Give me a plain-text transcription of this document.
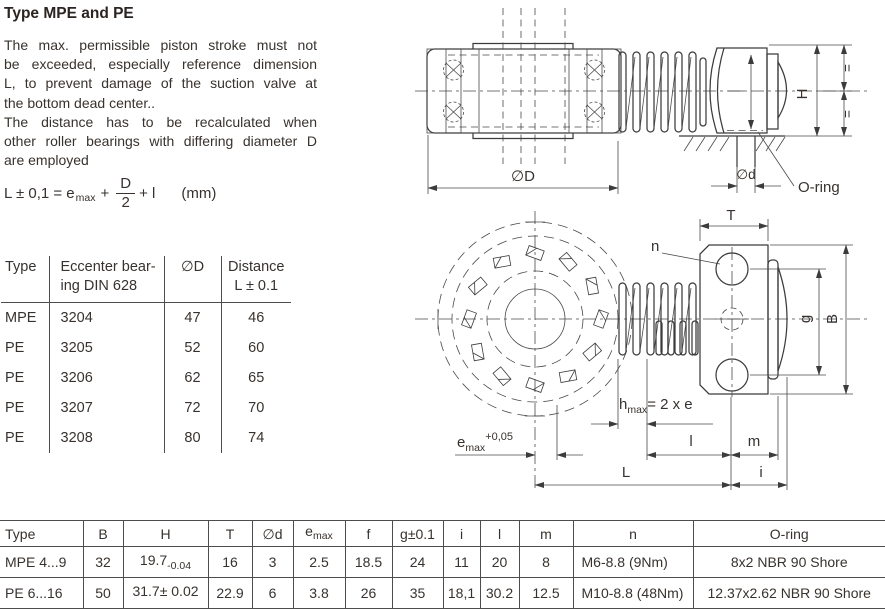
Type MPE and PE
The max. permissible piston stroke must not
be exceeded, especially reference dimension
L, to prevent damage of the suction valve at
the bottom dead center..
The distance has to be recalculated when
other roller bearings with differing diameter D
are employed
L ± 0,1 = e $\max + \frac{D}{2} + l$ (mm)
Type	Eccenter bear-
ing DIN 628
	∅D	Distance
L ± 0.1

MPE	3204	47	46
PE	3205	52	60
PE	3206	62	65
PE	3207	72	70
PE	3208	80	74
∅D	∅d
O-ring
H
=
=
T
n
g B
$h_{max}= 2$ x e
$e_{max}^{+0,05}$	l	m
L	i
Type	B	H	T	∅d	$e_{max}$	f	g±0.1	i	l	m	n	O-ring
MPE 4...9	32	$19.7_{-0.04}$	16	3	2.5	18.5	24	11	20	8	M6-8.8 (9Nm)	8x2 NBR 90 Shore
PE 6...16	50	31.7± 0.02	22.9	6	3.8	26	35	18,1	30.2	12.5	M10-8.8 (48Nm)	12.37x2.62 NBR 90 Shore
